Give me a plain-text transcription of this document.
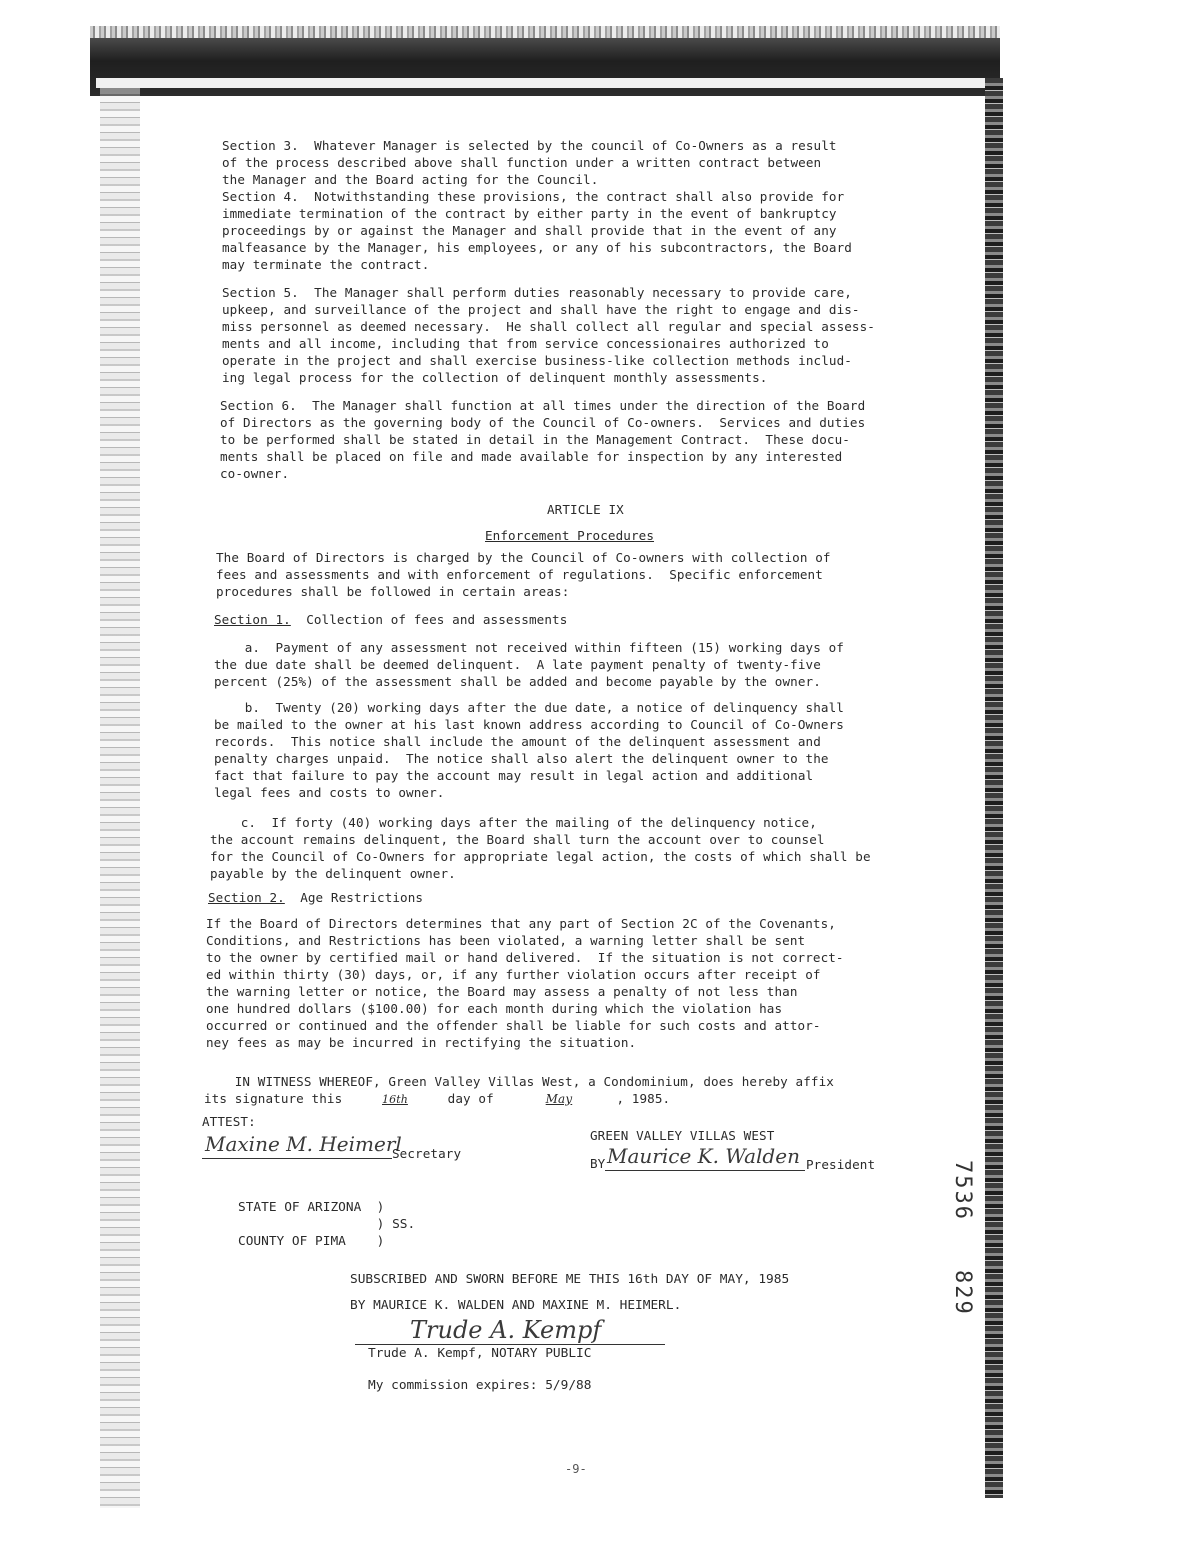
Section 3.  Whatever Manager is selected by the council of Co-Owners as a result
of the process described above shall function under a written contract between
the Manager and the Board acting for the Council.
Section 4.  Notwithstanding these provisions, the contract shall also provide for
immediate termination of the contract by either party in the event of bankruptcy
proceedings by or against the Manager and shall provide that in the event of any
malfeasance by the Manager, his employees, or any of his subcontractors, the Board
may terminate the contract.
Section 5.  The Manager shall perform duties reasonably necessary to provide care,
upkeep, and surveillance of the project and shall have the right to engage and dis-
miss personnel as deemed necessary.  He shall collect all regular and special assess-
ments and all income, including that from service concessionaires authorized to
operate in the project and shall exercise business-like collection methods includ-
ing legal process for the collection of delinquent monthly assessments.
Section 6.  The Manager shall function at all times under the direction of the Board
of Directors as the governing body of the Council of Co-owners.  Services and duties
to be performed shall be stated in detail in the Management Contract.  These docu-
ments shall be placed on file and made available for inspection by any interested
co-owner.
ARTICLE IX
Enforcement Procedures
The Board of Directors is charged by the Council of Co-owners with collection of
fees and assessments and with enforcement of regulations.  Specific enforcement
procedures shall be followed in certain areas:
Section 1.  Collection of fees and assessments
a.  Payment of any assessment not received within fifteen (15) working days of
the due date shall be deemed delinquent.  A late payment penalty of twenty-five
percent (25%) of the assessment shall be added and become payable by the owner.
b.  Twenty (20) working days after the due date, a notice of delinquency shall
be mailed to the owner at his last known address according to Council of Co-Owners
records.  This notice shall include the amount of the delinquent assessment and
penalty charges unpaid.  The notice shall also alert the delinquent owner to the
fact that failure to pay the account may result in legal action and additional
legal fees and costs to owner.
c.  If forty (40) working days after the mailing of the delinquency notice,
the account remains delinquent, the Board shall turn the account over to counsel
for the Council of Co-Owners for appropriate legal action, the costs of which shall be
payable by the delinquent owner.
Section 2.  Age Restrictions
If the Board of Directors determines that any part of Section 2C of the Covenants,
Conditions, and Restrictions has been violated, a warning letter shall be sent
to the owner by certified mail or hand delivered.  If the situation is not correct-
ed within thirty (30) days, or, if any further violation occurs after receipt of
the warning letter or notice, the Board may assess a penalty of not less than
one hundred dollars ($100.00) for each month during which the violation has
occurred or continued and the offender shall be liable for such costs and attor-
ney fees as may be incurred in rectifying the situation.
IN WITNESS WHEREOF, Green Valley Villas West, a Condominium, does hereby affix
its signature this	16th	day of	May	, 1985.
ATTEST:
Maxine M. Heimerl
Secretary
GREEN VALLEY VILLAS WEST
BY Maurice K. Walden President
STATE OF ARIZONA  )
) SS.
COUNTY OF PIMA    )
SUBSCRIBED AND SWORN BEFORE ME THIS 16th DAY OF MAY, 1985
BY MAURICE K. WALDEN AND MAXINE M. HEIMERL.
Trude A. Kempf
Trude A. Kempf, NOTARY PUBLIC
My commission expires: 5/9/88
7536
829
-9-
